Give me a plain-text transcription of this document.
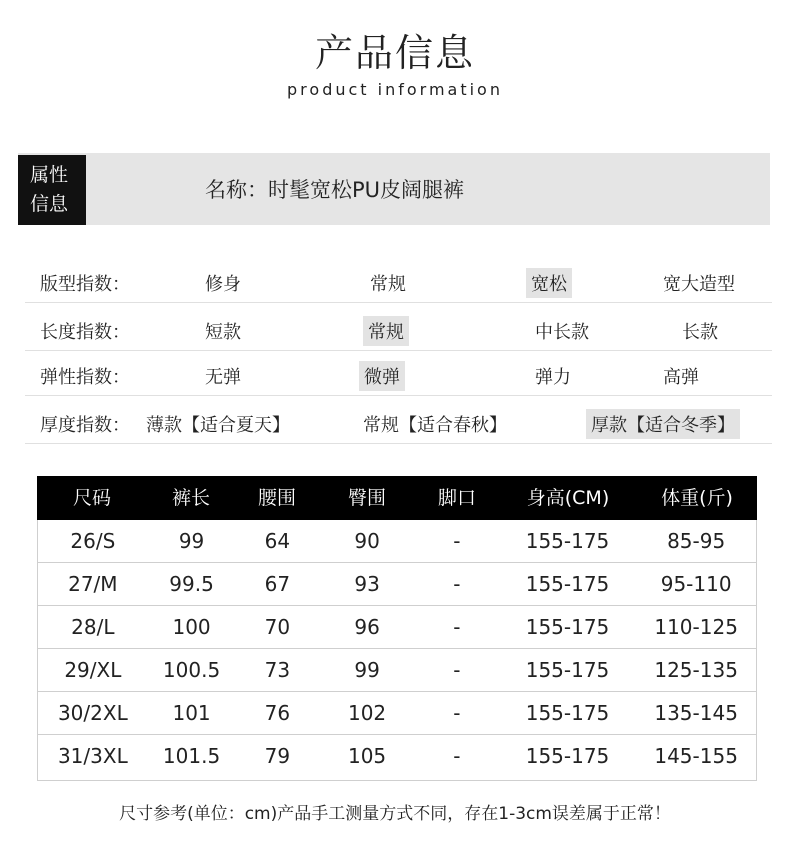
产品信息
product information
属性
信息
名称：时髦宽松PU皮阔腿裤
版型指数：	修身	常规	宽松	宽大造型
长度指数：	短款	常规	中长款	长款
弹性指数：	无弹	微弹	弹力	高弹
厚度指数： 薄款【适合夏天】	常规【适合春秋】	厚款【适合冬季】
尺码	裤长	腰围	臀围	脚口	身高(CM)	体重(斤)
26/S	99	64	90	-	155-175	85-95
27/M	99.5	67	93	-	155-175	95-110
28/L	100	70	96	-	155-175	110-125
29/XL	100.5	73	99	-	155-175	125-135
30/2XL	101	76	102	-	155-175	135-145
31/3XL	101.5	79	105	-	155-175	145-155
尺寸参考(单位：cm)产品手工测量方式不同，存在1-3cm误差属于正常！
